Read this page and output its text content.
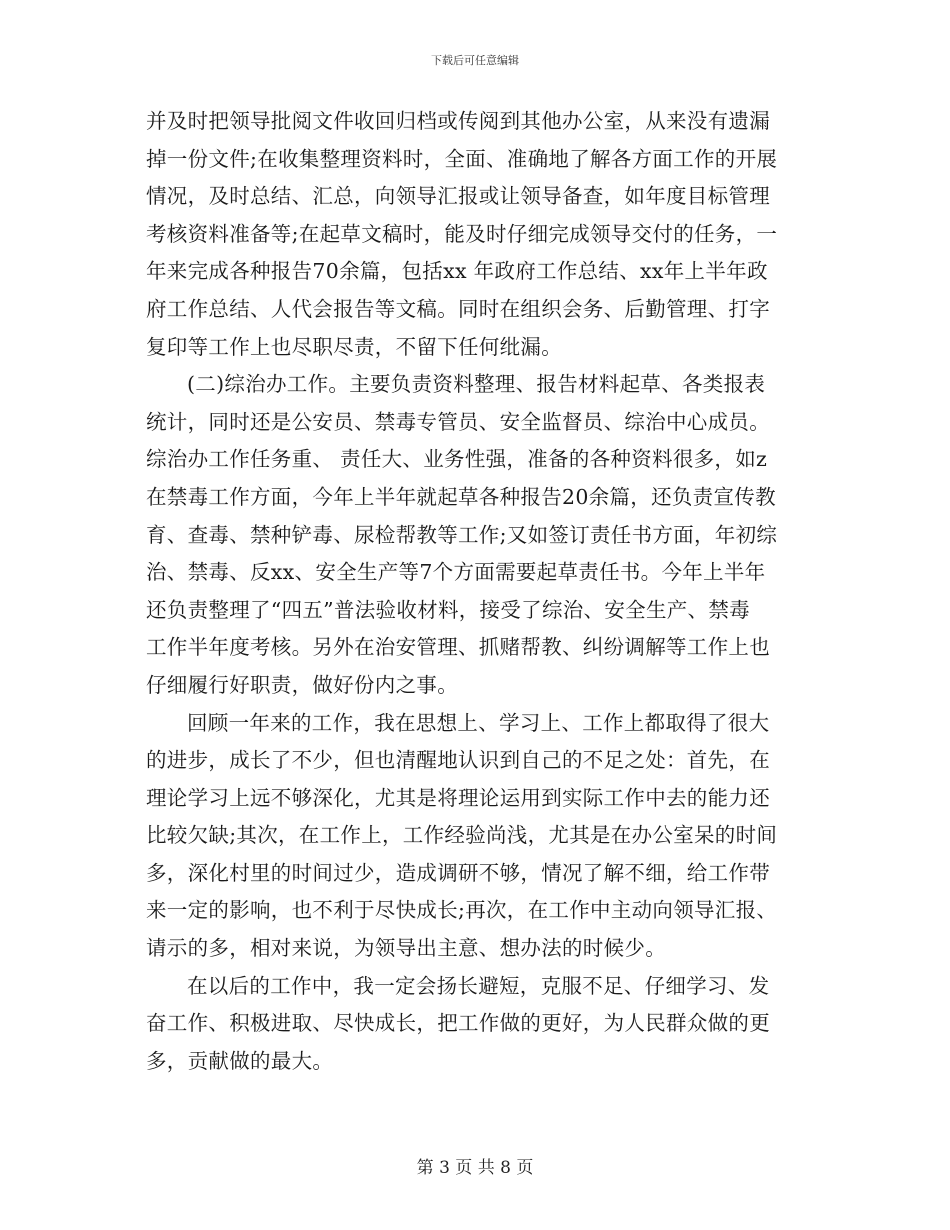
下载后可任意编辑
并及时把领导批阅文件收回归档或传阅到其他办公室，从来没有遗漏
掉一份文件;在收集整理资料时，全面、准确地了解各方面工作的开展
情况，及时总结、汇总，向领导汇报或让领导备查，如年度目标管理
考核资料准备等;在起草文稿时，能及时仔细完成领导交付的任务，一
年来完成各种报告70余篇，包括xx 年政府工作总结、xx年上半年政
府工作总结、人代会报告等文稿。同时在组织会务、后勤管理、打字
复印等工作上也尽职尽责，不留下任何纰漏。
(二)综治办工作。主要负责资料整理、报告材料起草、各类报表
统计，同时还是公安员、禁毒专管员、安全监督员、综治中心成员。
综治办工作任务重、 责任大、业务性强，准备的各种资料很多，如z
在禁毒工作方面，今年上半年就起草各种报告20余篇，还负责宣传教
育、查毒、禁种铲毒、尿检帮教等工作;又如签订责任书方面，年初综
治、禁毒、反xx、安全生产等7个方面需要起草责任书。今年上半年
还负责整理了“四五”普法验收材料，接受了综治、安全生产、禁毒
工作半年度考核。另外在治安管理、抓赌帮教、纠纷调解等工作上也
仔细履行好职责，做好份内之事。
回顾一年来的工作，我在思想上、学习上、工作上都取得了很大
的进步，成长了不少，但也清醒地认识到自己的不足之处：首先，在
理论学习上远不够深化，尤其是将理论运用到实际工作中去的能力还
比较欠缺;其次，在工作上，工作经验尚浅，尤其是在办公室呆的时间
多，深化村里的时间过少，造成调研不够，情况了解不细，给工作带
来一定的影响，也不利于尽快成长;再次，在工作中主动向领导汇报、
请示的多，相对来说，为领导出主意、想办法的时候少。
在以后的工作中，我一定会扬长避短，克服不足、仔细学习、发
奋工作、积极进取、尽快成长，把工作做的更好，为人民群众做的更
多，贡献做的最大。
第 3 页 共 8 页
